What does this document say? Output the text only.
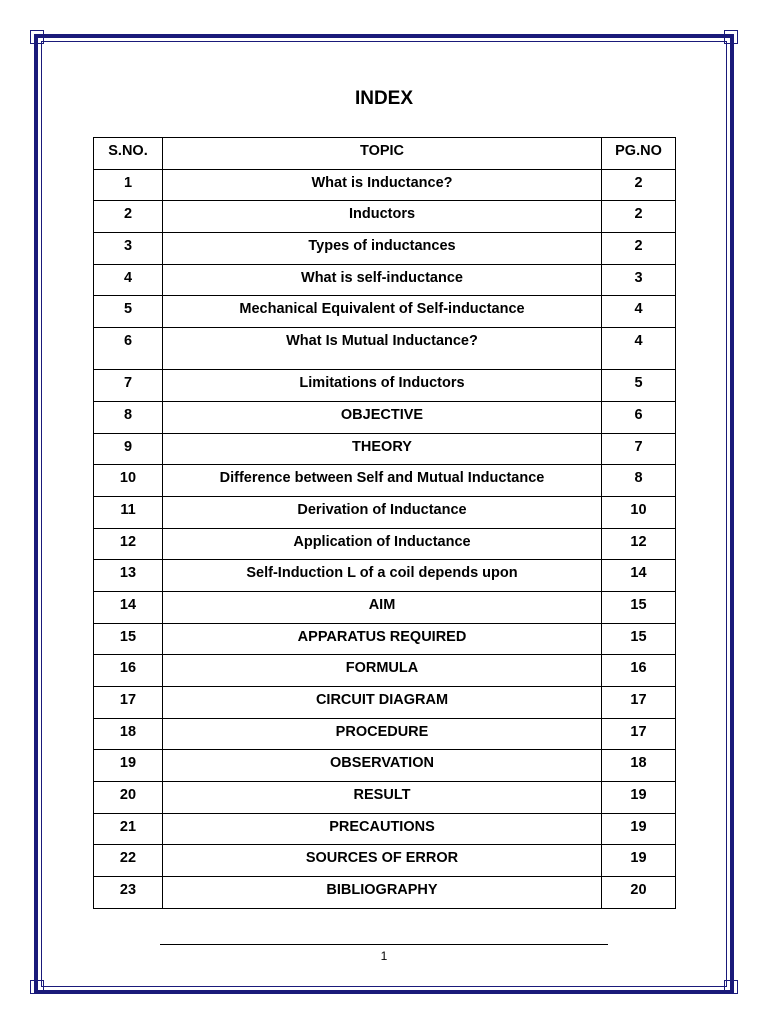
INDEX
S.NO.	TOPIC	PG.NO
1	What is Inductance?	2
2	Inductors	2
3	Types of inductances	2
4	What is self-inductance	3
5	Mechanical Equivalent of Self-inductance	4
6	What Is Mutual Inductance?	4
7	Limitations of Inductors	5
8	OBJECTIVE	6
9	THEORY	7
10	Difference between Self and Mutual Inductance	8
11	Derivation of Inductance	10
12	Application of Inductance	12
13	Self-Induction L of a coil depends upon	14
14	AIM	15
15	APPARATUS REQUIRED	15
16	FORMULA	16
17	CIRCUIT DIAGRAM	17
18	PROCEDURE	17
19	OBSERVATION	18
20	RESULT	19
21	PRECAUTIONS	19
22	SOURCES OF ERROR	19
23	BIBLIOGRAPHY	20
1
